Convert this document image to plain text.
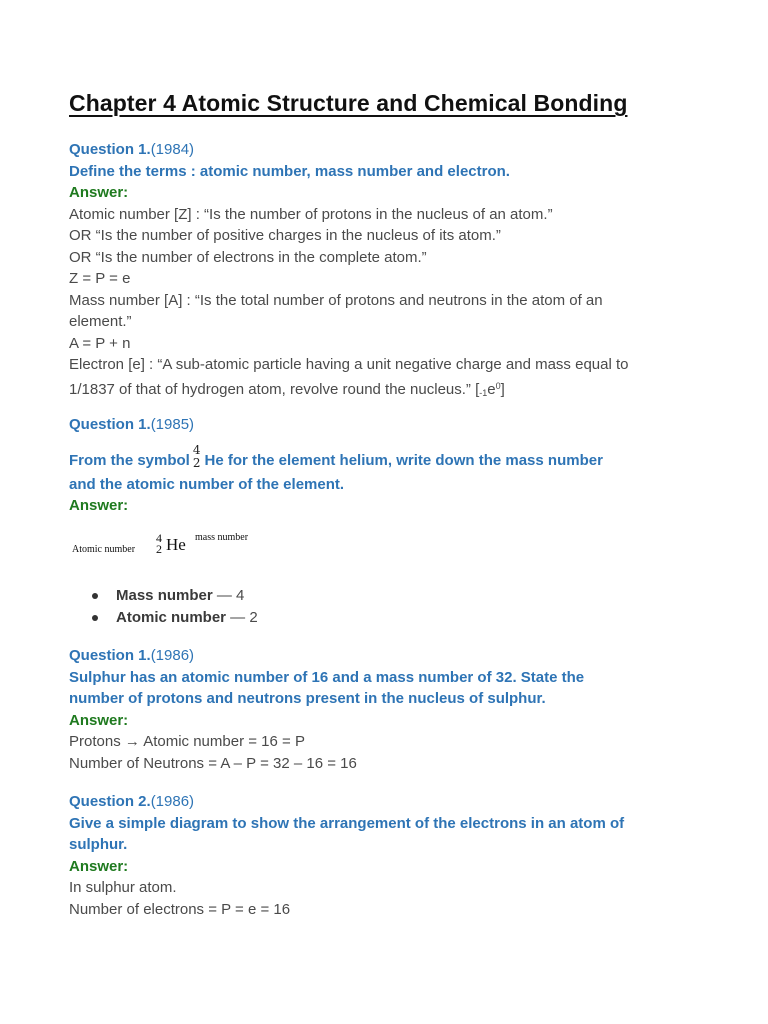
Chapter 4 Atomic Structure and Chemical Bonding
Question 1.(1984)
Define the terms : atomic number, mass number and electron.
Answer:
Atomic number [Z] : “Is the number of protons in the nucleus of an atom.”
OR “Is the number of positive charges in the nucleus of its atom.”
OR “Is the number of electrons in the complete atom.”
Z = P = e
Mass number [A] : “Is the total number of protons and neutrons in the atom of an
element.”
A = P + n
Electron [e] : “A sub-atomic particle having a unit negative charge and mass equal to
1/1837 of that of hydrogen atom, revolve round the nucleus.” $[_{-1}e^0]$
Question 1.(1985)
From the symbol
4
2 He for the element helium, write down the mass number
and the atomic number of the element.
Answer:
Atomic number
4
2 He mass number
Mass number — 4
Atomic number — 2
Question 1.(1986)
Sulphur has an atomic number of 16 and a mass number of 32. State the
number of protons and neutrons present in the nucleus of sulphur.
Answer:
Protons → Atomic number = 16 = P
Number of Neutrons = A – P = 32 – 16 = 16
Question 2.(1986)
Give a simple diagram to show the arrangement of the electrons in an atom of
sulphur.
Answer:
In sulphur atom.
Number of electrons = P = e = 16
